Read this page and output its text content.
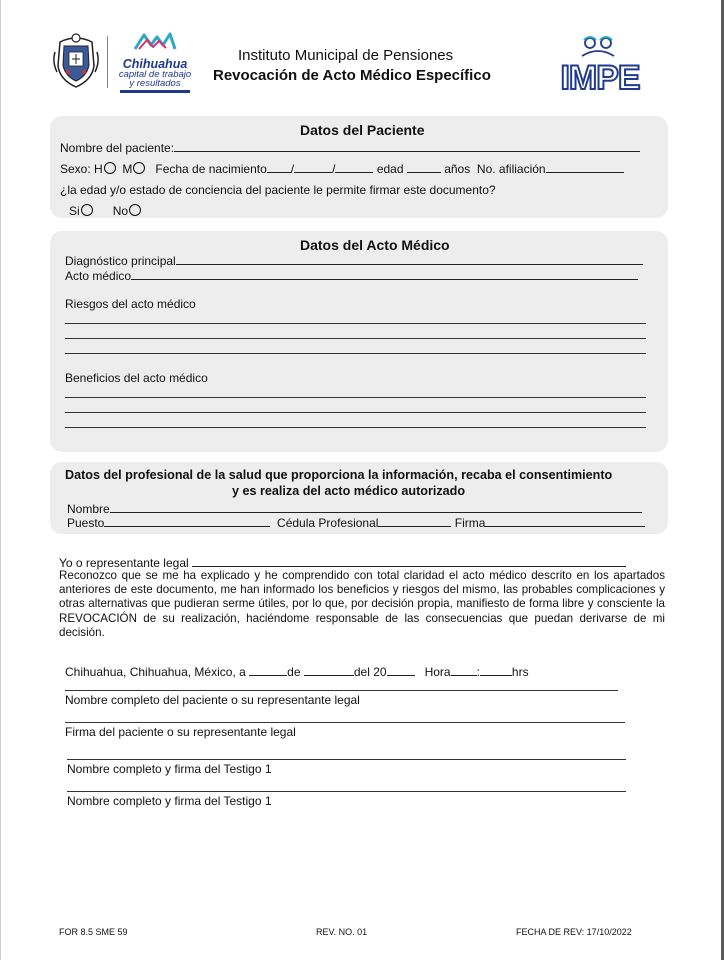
Chihuahua
capital de trabajo
y resultados
Instituto Municipal de Pensiones
Revocación de Acto Médico Específico IMPE
Datos del Paciente
Nombre del paciente:
Sexo: H M Fecha de nacimiento /	/	edad	años No. afiliación
¿la edad y/o estado de conciencia del paciente le permite firmar este documento?
Si	No
Datos del Acto Médico
Diagnóstico principal
Acto médico
Riesgos del acto médico
Beneficios del acto médico
Datos del profesional de la salud que proporciona la información, recaba el consentimiento
y es realiza del acto médico autorizado
Nombre
Puesto	Cédula Profesional	Firma
Yo o representante legal
Reconozco que se me ha explicado y he comprendido con total claridad el acto médico descrito en los apartados anteriores de este documento, me han informado los beneficios y riesgos del mismo, las probables complicaciones y otras alternativas que pudieran serme útiles, por lo que, por decisión propia, manifiesto de forma libre y consciente la REVOCACIÓN de su realización, haciéndome responsable de las consecuencias que puedan derivarse de mi decisión.
Chihuahua, Chihuahua, México, a	de	del 20	Hora :	hrs
Nombre completo del paciente o su representante legal
Firma del paciente o su representante legal
Nombre completo y firma del Testigo 1
Nombre completo y firma del Testigo 1
FOR 8.5 SME 59	REV. NO. 01	FECHA DE REV: 17/10/2022
